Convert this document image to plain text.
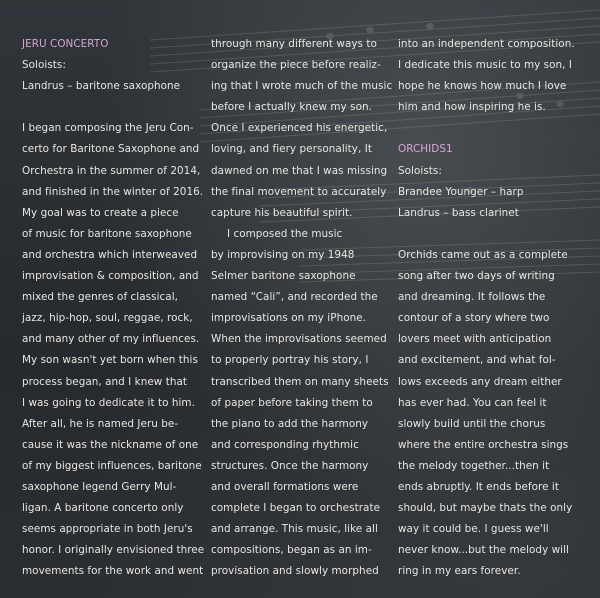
JERU CONCERTO
Soloists:
Landrus – baritone saxophone
I began composing the Jeru Con-
certo for Baritone Saxophone and
Orchestra in the summer of 2014,
and finished in the winter of 2016.
My goal was to create a piece
of music for baritone saxophone
and orchestra which interweaved
improvisation & composition, and
mixed the genres of classical,
jazz, hip-hop, soul, reggae, rock,
and many other of my influences.
My son wasn't yet born when this
process began, and I knew that
I was going to dedicate it to him.
After all, he is named Jeru be-
cause it was the nickname of one
of my biggest influences, baritone
saxophone legend Gerry Mul-
ligan. A baritone concerto only
seems appropriate in both Jeru's
honor. I originally envisioned three
movements for the work and went
through many different ways to
organize the piece before realiz-
ing that I wrote much of the music
before I actually knew my son.
Once I experienced his energetic,
loving, and fiery personality, It
dawned on me that I was missing
the final movement to accurately
capture his beautiful spirit.
I composed the music
by improvising on my 1948
Selmer baritone saxophone
named “Cali”, and recorded the
improvisations on my iPhone.
When the improvisations seemed
to properly portray his story, I
transcribed them on many sheets
of paper before taking them to
the piano to add the harmony
and corresponding rhythmic
structures. Once the harmony
and overall formations were
complete I began to orchestrate
and arrange. This music, like all
compositions, began as an im-
provisation and slowly morphed
into an independent composition.
I dedicate this music to my son, I
hope he knows how much I love
him and how inspiring he is.
ORCHIDS1
Soloists:
Brandee Younger – harp
Landrus – bass clarinet
Orchids came out as a complete
song after two days of writing
and dreaming. It follows the
contour of a story where two
lovers meet with anticipation
and excitement, and what fol-
lows exceeds any dream either
has ever had. You can feel it
slowly build until the chorus
where the entire orchestra sings
the melody together...then it
ends abruptly. It ends before it
should, but maybe thats the only
way it could be. I guess we'll
never know...but the melody will
ring in my ears forever.
